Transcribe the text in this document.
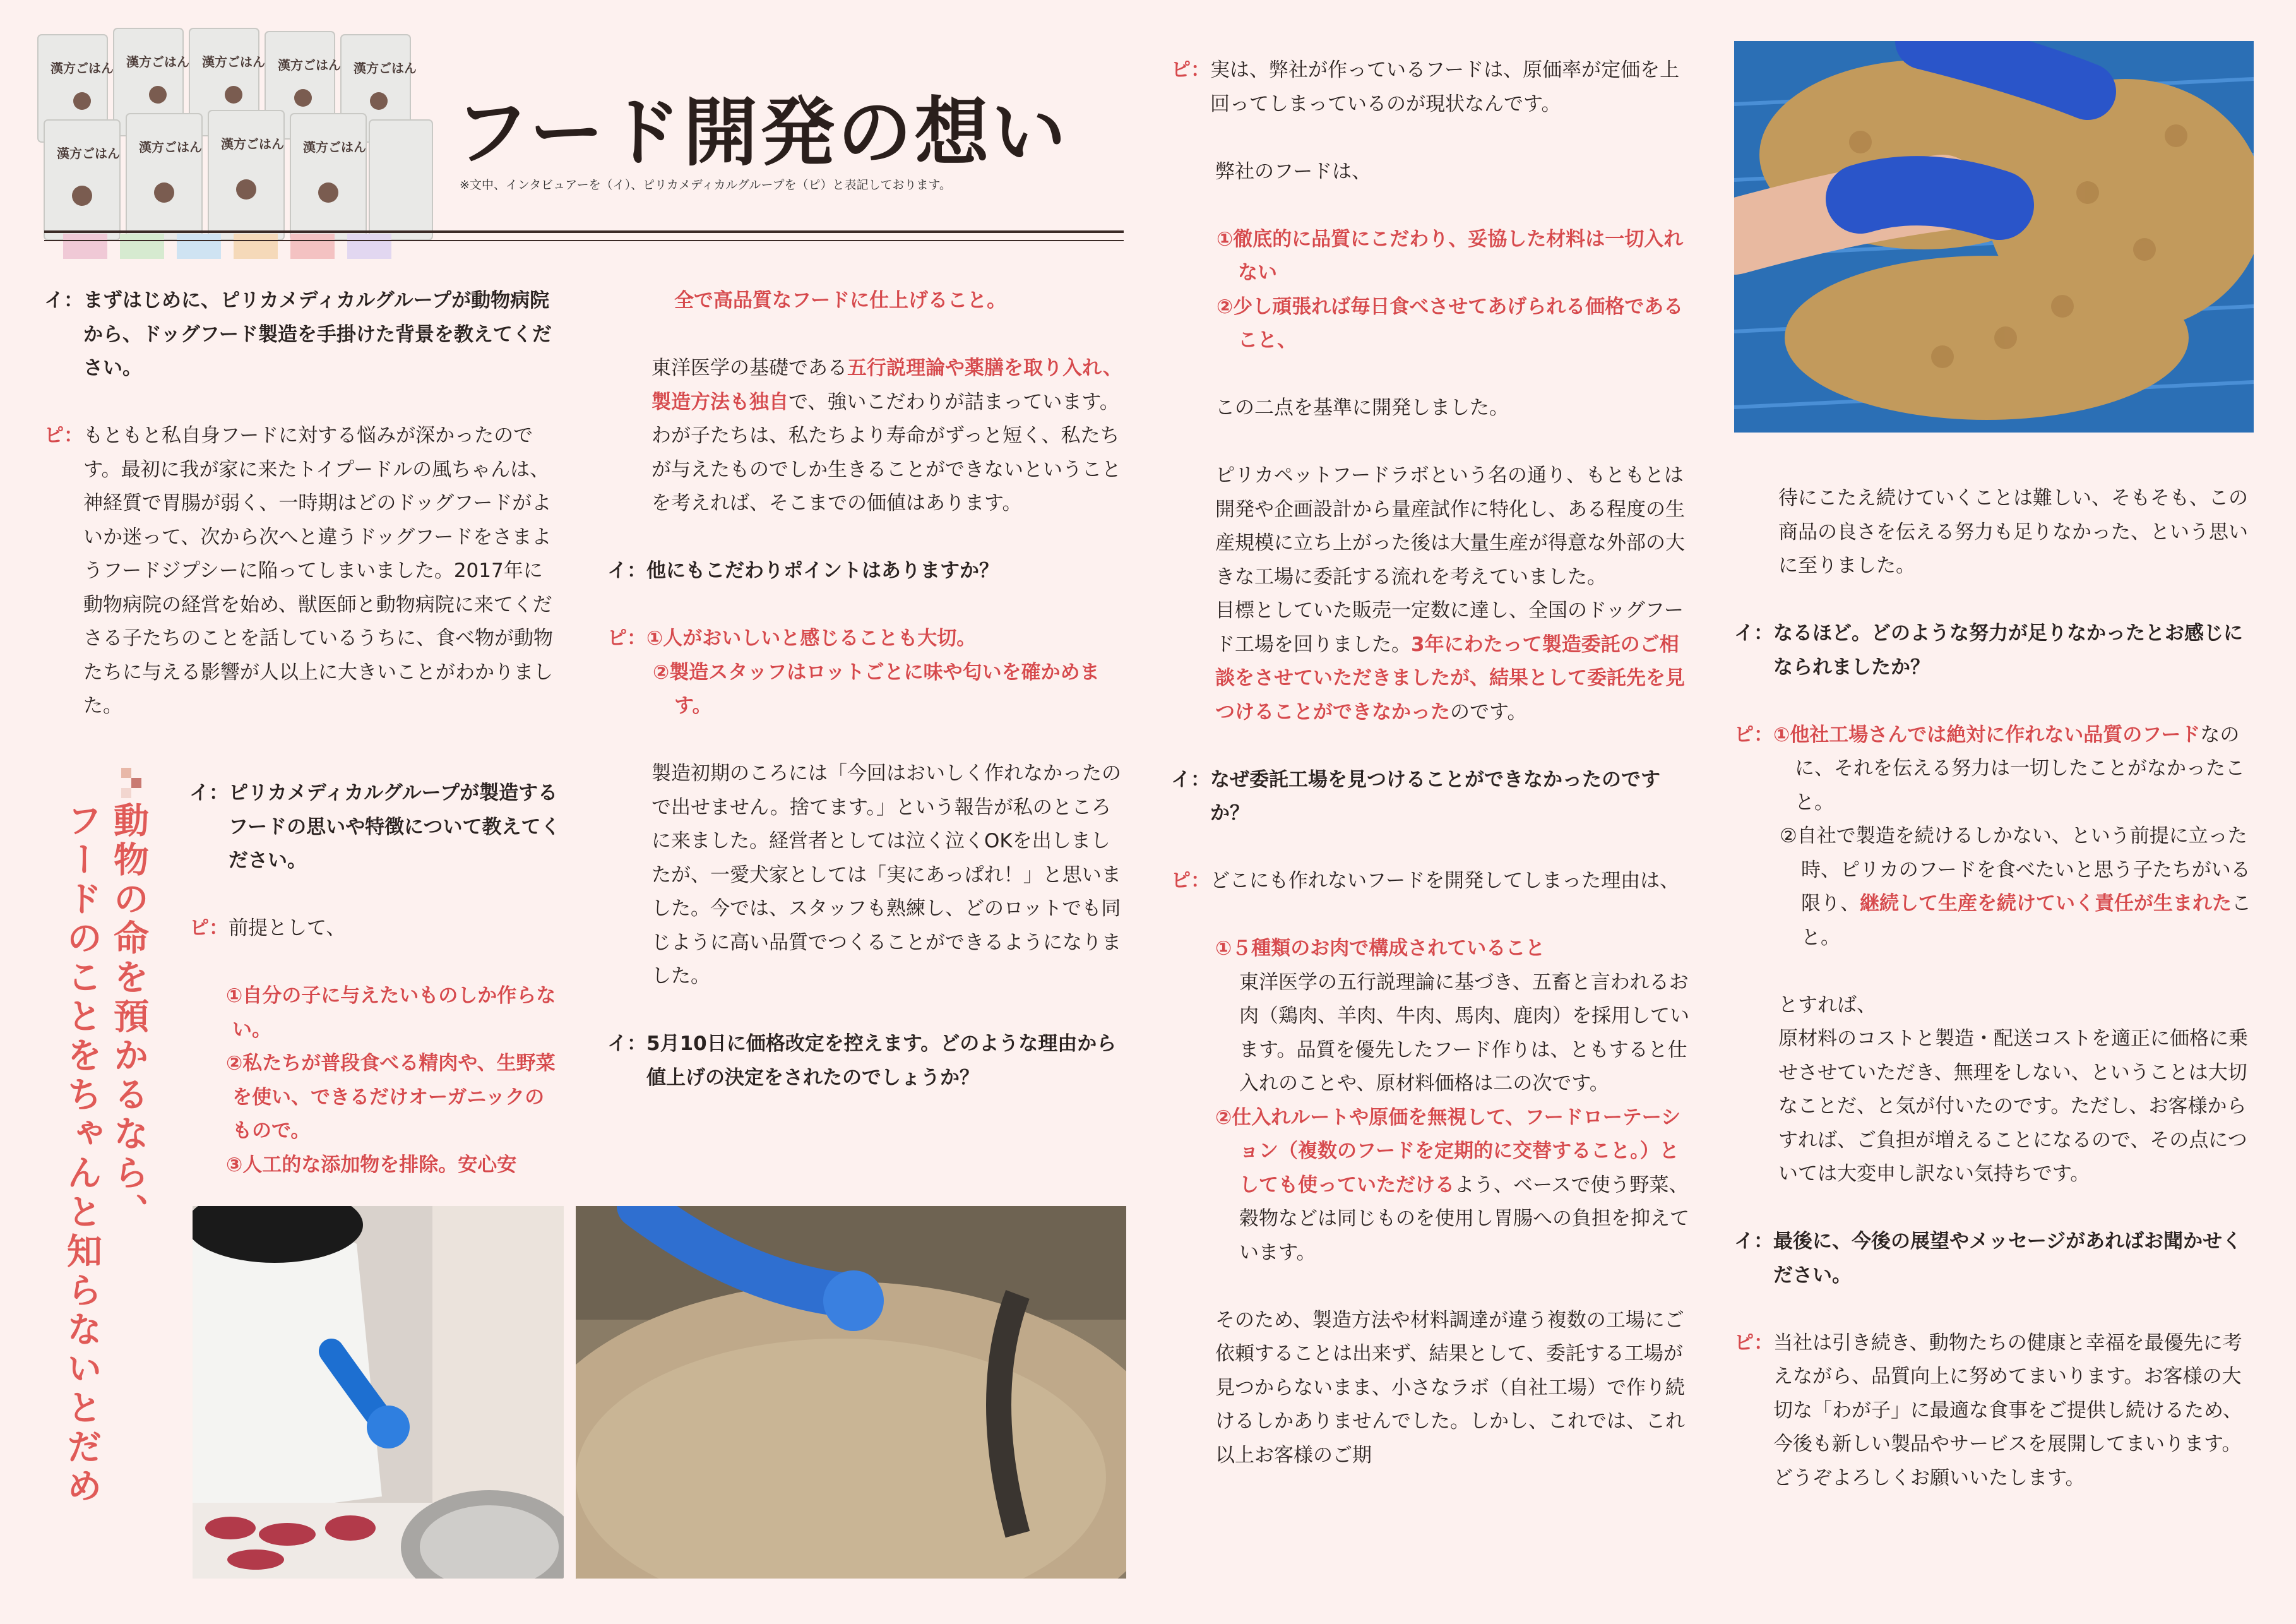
漢方ごはん 漢方ごはん 漢方ごはん 漢方ごはん 漢方ごはん
漢方ごはん 漢方ごはん 漢方ごはん 漢方ごはん フード開発の想い
※文中、インタビュアーを（イ）、ピリカメディカルグループを（ピ）と表記しております。
動物の命を預かるなら、
フードのことをちゃんと知らないとだめ
イ： まずはじめに、ピリカメディカルグループが動物病院から、ドッグフード製造を手掛けた背景を教えてください。
ピ： もともと私自身フードに対する悩みが深かったのです。最初に我が家に来たトイプードルの風ちゃんは、神経質で胃腸が弱く、一時期はどのドッグフードがよいか迷って、次から次へと違うドッグフードをさまようフードジプシーに陥ってしまいました。2017年に動物病院の経営を始め、獣医師と動物病院に来てくださる子たちのことを話しているうちに、食べ物が動物たちに与える影響が人以上に大きいことがわかりました。
イ： ピリカメディカルグループが製造するフードの思いや特徴について教えてください。
ピ： 前提として、
①自分の子に与えたいものしか作らない。
②私たちが普段食べる精肉や、生野菜を使い、できるだけオーガニックのもので。
③人工的な添加物を排除。安心安
全で高品質なフードに仕上げること。
東洋医学の基礎である五行説理論や薬膳を取り入れ、製造方法も独自で、強いこだわりが詰まっています。わが子たちは、私たちより寿命がずっと短く、私たちが与えたものでしか生きることができないということを考えれば、そこまでの価値はあります。
イ： 他にもこだわりポイントはありますか？
ピ： ①人がおいしいと感じることも大切。
②製造スタッフはロットごとに味や匂いを確かめます。
製造初期のころには「今回はおいしく作れなかったので出せません。捨てます。」という報告が私のところに来ました。経営者としては泣く泣くOKを出しましたが、一愛犬家としては「実にあっぱれ！」と思いました。今では、スタッフも熟練し、どのロットでも同じように高い品質でつくることができるようになりました。
イ： 5月10日に価格改定を控えます。どのような理由から値上げの決定をされたのでしょうか？
ピ： 実は、弊社が作っているフードは、原価率が定価を上回ってしまっているのが現状なんです。
弊社のフードは、
①徹底的に品質にこだわり、妥協した材料は一切入れない
②少し頑張れば毎日食べさせてあげられる価格であること、
この二点を基準に開発しました。
ピリカペットフードラボという名の通り、もともとは開発や企画設計から量産試作に特化し、ある程度の生産規模に立ち上がった後は大量生産が得意な外部の大きな工場に委託する流れを考えていました。
目標としていた販売一定数に達し、全国のドッグフード工場を回りました。3年にわたって製造委託のご相談をさせていただきましたが、結果として委託先を見つけることができなかったのです。
イ： なぜ委託工場を見つけることができなかったのですか？
ピ： どこにも作れないフードを開発してしまった理由は、
①５種類のお肉で構成されていること
東洋医学の五行説理論に基づき、五畜と言われるお肉（鶏肉、羊肉、牛肉、馬肉、鹿肉）を採用しています。品質を優先したフード作りは、ともすると仕入れのことや、原材料価格は二の次です。
②仕入れルートや原価を無視して、フードローテーション（複数のフードを定期的に交替すること。）としても使っていただけるよう、ベースで使う野菜、穀物などは同じものを使用し胃腸への負担を抑えています。
そのため、製造方法や材料調達が違う複数の工場にご依頼することは出来ず、結果として、委託する工場が見つからないまま、小さなラボ（自社工場）で作り続けるしかありませんでした。しかし、これでは、これ以上お客様のご期
待にこたえ続けていくことは難しい、そもそも、この商品の良さを伝える努力も足りなかった、という思いに至りました。
イ： なるほど。どのような努力が足りなかったとお感じになられましたか？
ピ： ①他社工場さんでは絶対に作れない品質のフードなのに、それを伝える努力は一切したことがなかったこと。
②自社で製造を続けるしかない、という前提に立った時、ピリカのフードを食べたいと思う子たちがいる限り、継続して生産を続けていく責任が生まれたこと。
とすれば、
原材料のコストと製造・配送コストを適正に価格に乗せさせていただき、無理をしない、ということは大切なことだ、と気が付いたのです。ただし、お客様からすれば、ご負担が増えることになるので、その点については大変申し訳ない気持ちです。
イ： 最後に、今後の展望やメッセージがあればお聞かせください。
ピ： 当社は引き続き、動物たちの健康と幸福を最優先に考えながら、品質向上に努めてまいります。お客様の大切な「わが子」に最適な食事をご提供し続けるため、今後も新しい製品やサービスを展開してまいります。
どうぞよろしくお願いいたします。
